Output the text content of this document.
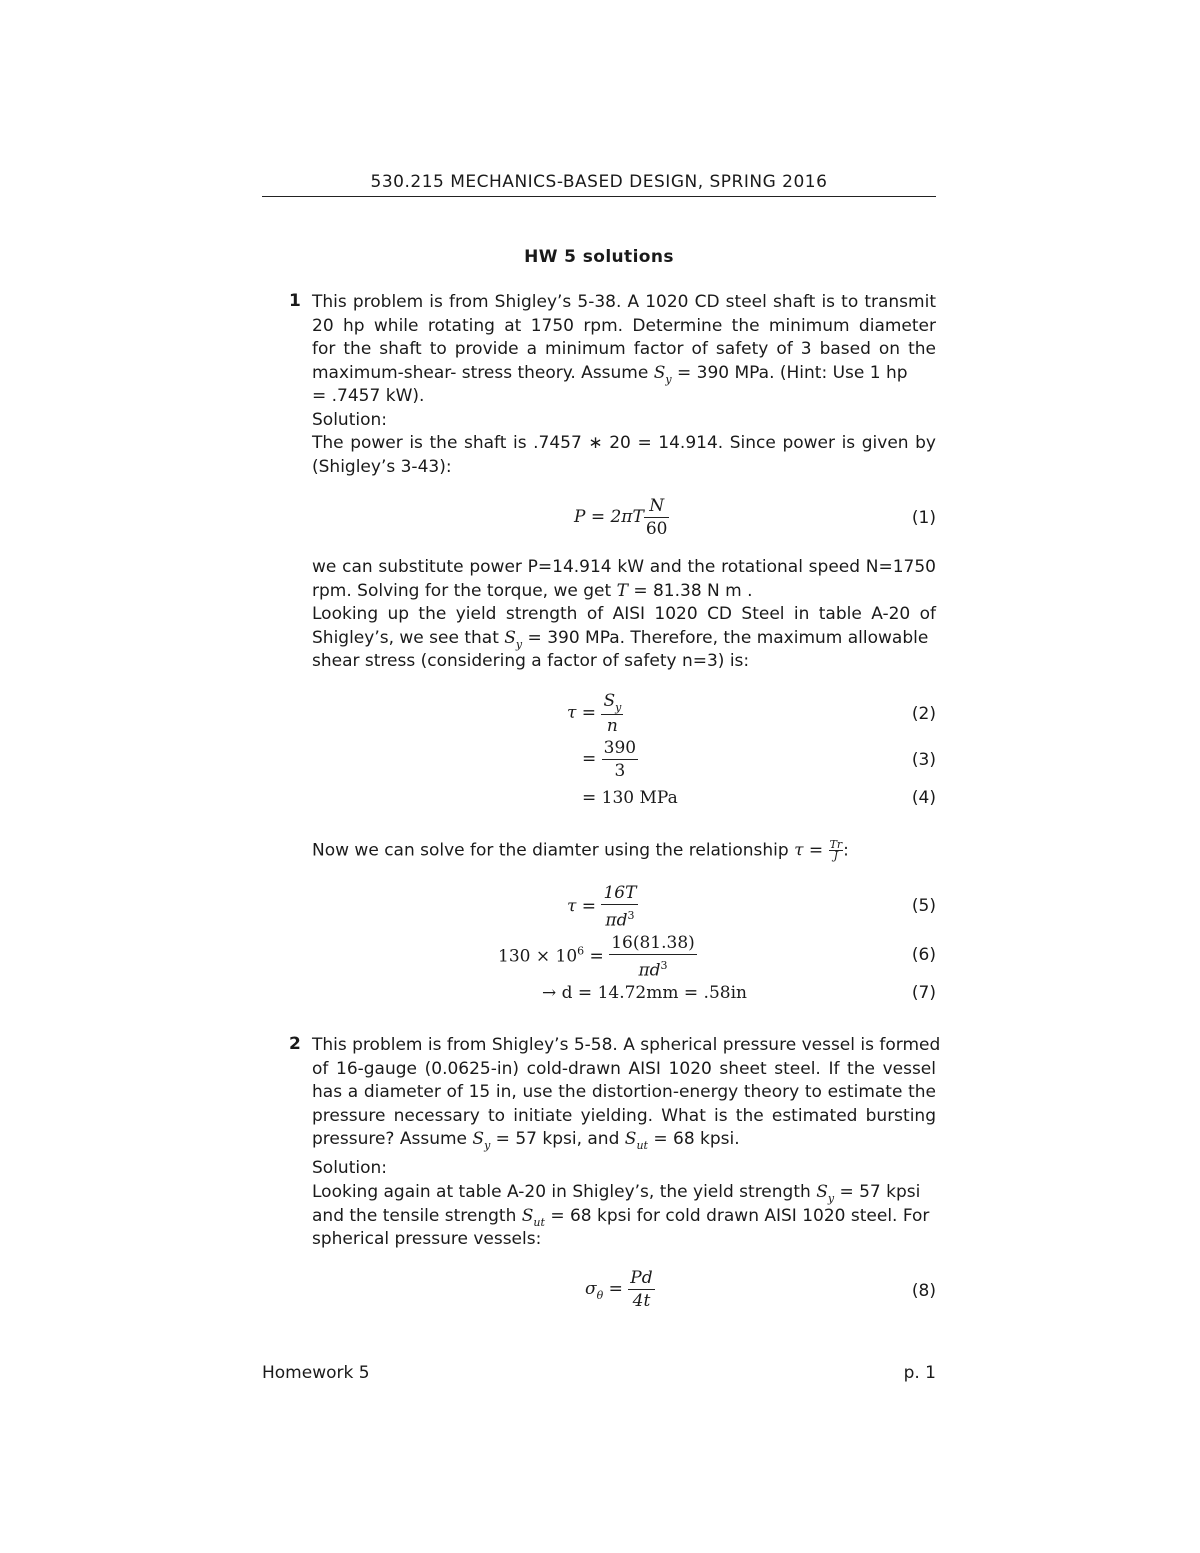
530.215 MECHANICS-BASED DESIGN, SPRING 2016
HW 5 solutions
1 This problem is from Shigley’s 5-38. A 1020 CD steel shaft is to transmit
20 hp while rotating at 1750 rpm. Determine the minimum diameter
for the shaft to provide a minimum factor of safety of 3 based on the
maximum-shear- stress theory. Assume $S_y = 390$ MPa. (Hint: Use 1 hp
= .7457 kW).
Solution:
The power is the shaft is .7457 ∗ 20 = 14.914. Since power is given by
(Shigley’s 3-43):
$P = 2\pi T \frac{N}{60}$	(1)
we can substitute power P=14.914 kW and the rotational speed N=1750
rpm. Solving for the torque, we get T = 81.38 N m .
Looking up the yield strength of AISI 1020 CD Steel in table A-20 of
Shigley’s, we see that $S_y = 390$ MPa. Therefore, the maximum allowable
shear stress (considering a factor of safety n=3) is:
$\tau = \frac{S_y}{n}$	(2)
= $\frac{390}{3}$	(3)
= 130 MPa	(4)
Now we can solve for the diamter using the relationship $\tau = \frac{Tr}{J}$ :
$\tau = \frac{16T}{\pi d^3}$	(5)
$130 \times 10^6 = \frac{16(81.38)}{\pi d^3}$	(6)
→ d = 14.72mm = .58in	(7)
2 This problem is from Shigley’s 5-58. A spherical pressure vessel is formed
of 16-gauge (0.0625-in) cold-drawn AISI 1020 sheet steel. If the vessel
has a diameter of 15 in, use the distortion-energy theory to estimate the
pressure necessary to initiate yielding. What is the estimated bursting
pressure? Assume $S_y = 57$ kpsi, and $S_{ut} = 68$ kpsi.
Solution:
Looking again at table A-20 in Shigley’s, the yield strength $S_y = 57$ kpsi
and the tensile strength $S_{ut} = 68$ kpsi for cold drawn AISI 1020 steel. For
spherical pressure vessels:
$\sigma_\theta = \frac{Pd}{4t}$	(8)
Homework 5	p. 1
